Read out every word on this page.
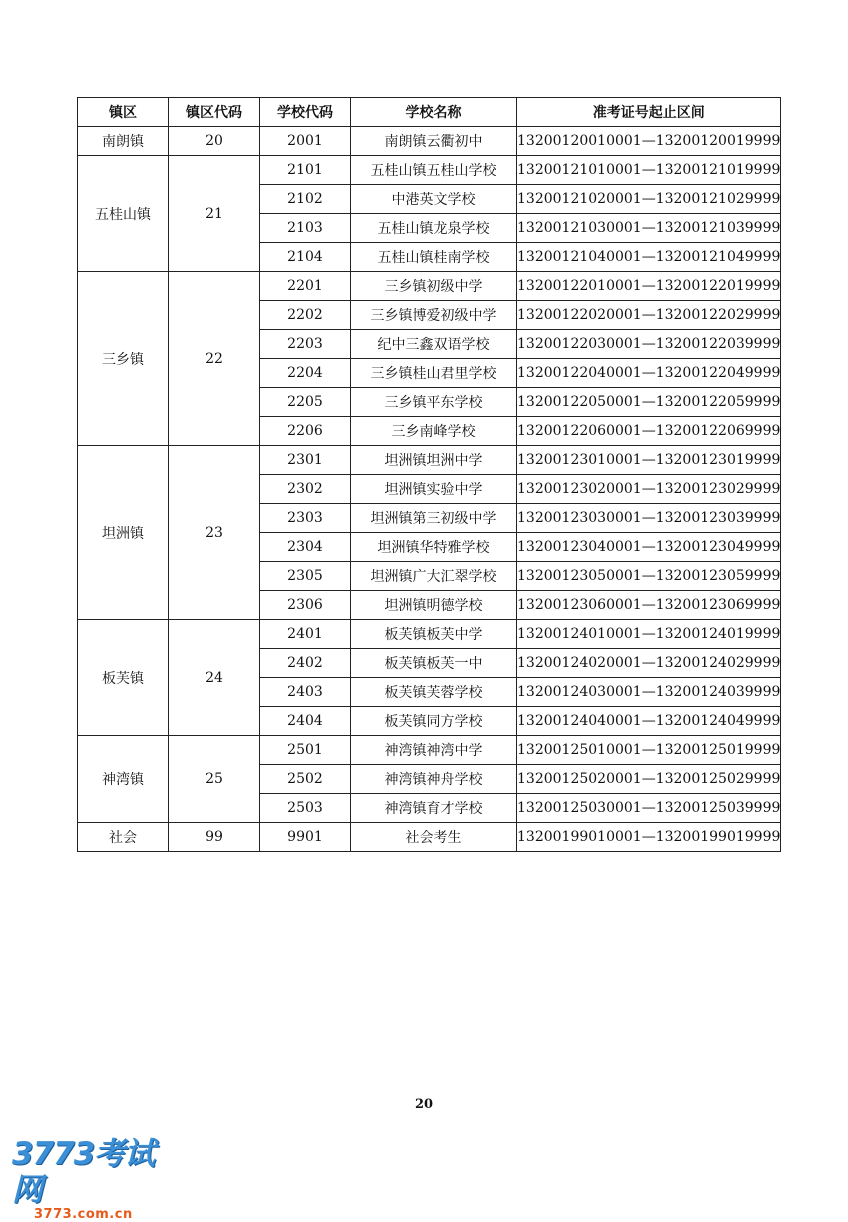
镇区	镇区代码	学校代码	学校名称	准考证号起止区间
南朗镇	20	2001	南朗镇云衢初中	13200120010001—13200120019999
五桂山镇	21	2101	五桂山镇五桂山学校	13200121010001—13200121019999
		2102	中港英文学校	13200121020001—13200121029999
		2103	五桂山镇龙泉学校	13200121030001—13200121039999
		2104	五桂山镇桂南学校	13200121040001—13200121049999
三乡镇	22	2201	三乡镇初级中学	13200122010001—13200122019999
		2202	三乡镇博爱初级中学	13200122020001—13200122029999
		2203	纪中三鑫双语学校	13200122030001—13200122039999
		2204	三乡镇桂山君里学校	13200122040001—13200122049999
		2205	三乡镇平东学校	13200122050001—13200122059999
		2206	三乡南峰学校	13200122060001—13200122069999
坦洲镇	23	2301	坦洲镇坦洲中学	13200123010001—13200123019999
		2302	坦洲镇实验中学	13200123020001—13200123029999
		2303	坦洲镇第三初级中学	13200123030001—13200123039999
		2304	坦洲镇华特雅学校	13200123040001—13200123049999
		2305	坦洲镇广大汇翠学校	13200123050001—13200123059999
		2306	坦洲镇明德学校	13200123060001—13200123069999
板芙镇	24	2401	板芙镇板芙中学	13200124010001—13200124019999
		2402	板芙镇板芙一中	13200124020001—13200124029999
		2403	板芙镇芙蓉学校	13200124030001—13200124039999
		2404	板芙镇同方学校	13200124040001—13200124049999
神湾镇	25	2501	神湾镇神湾中学	13200125010001—13200125019999
		2502	神湾镇神舟学校	13200125020001—13200125029999
		2503	神湾镇育才学校	13200125030001—13200125039999
社会	99	9901	社会考生	13200199010001—13200199019999
20
3773考试网
3773.com.cn
